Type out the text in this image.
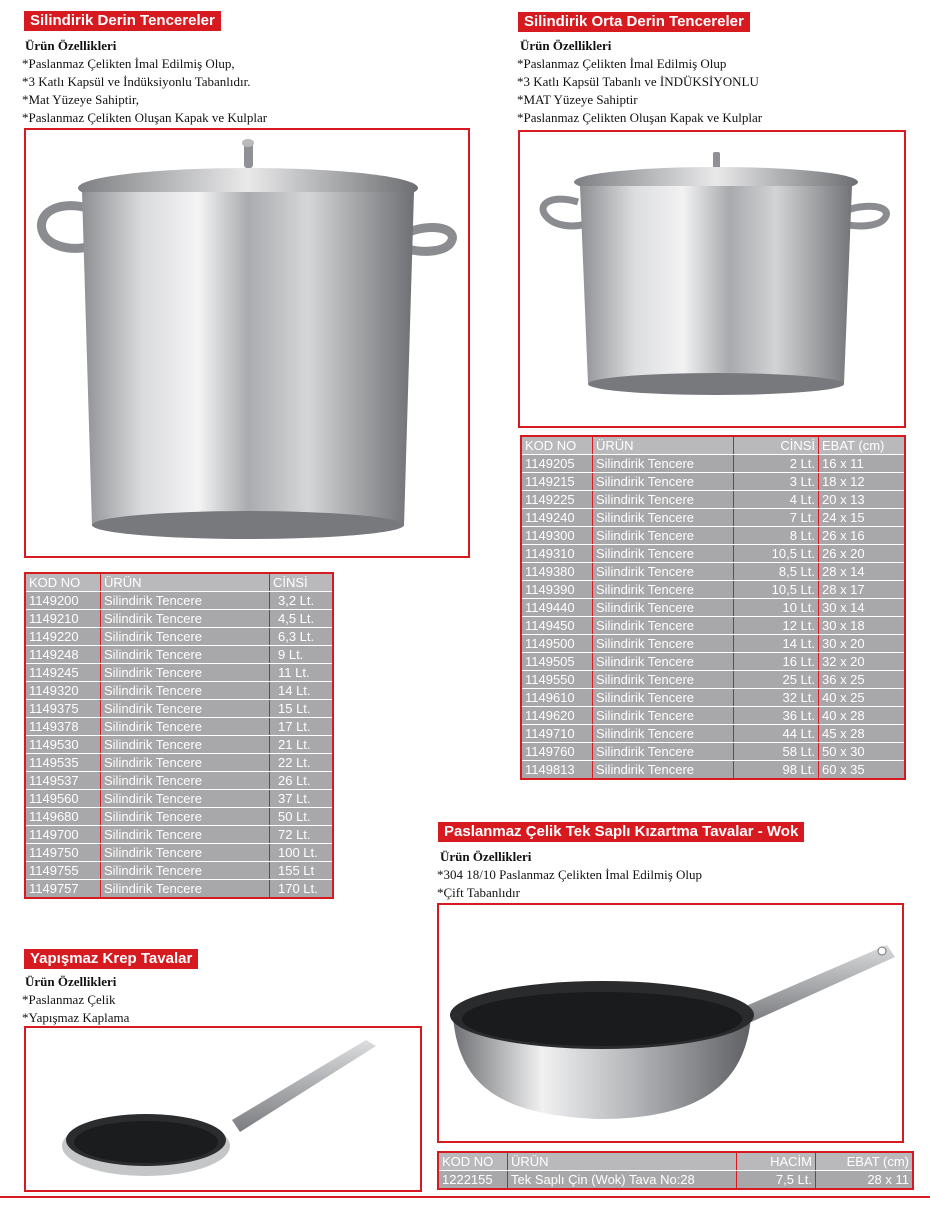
Silindirik Derin Tencereler
Ürün Özellikleri
*Paslanmaz Çelikten İmal Edilmiş Olup,
*3 Katlı Kapsül ve İndüksiyonlu Tabanlıdır.
*Mat Yüzeye Sahiptir,
*Paslanmaz Çelikten Oluşan Kapak ve Kulplar
KOD NO	ÜRÜN	CİNSİ
1149200	Silindirik Tencere	3,2 Lt.
1149210	Silindirik Tencere	4,5 Lt.
1149220	Silindirik Tencere	6,3 Lt.
1149248	Silindirik Tencere	9 Lt.
1149245	Silindirik Tencere	11 Lt.
1149320	Silindirik Tencere	14 Lt.
1149375	Silindirik Tencere	15 Lt.
1149378	Silindirik Tencere	17 Lt.
1149530	Silindirik Tencere	21 Lt.
1149535	Silindirik Tencere	22 Lt.
1149537	Silindirik Tencere	26 Lt.
1149560	Silindirik Tencere	37 Lt.
1149680	Silindirik Tencere	50 Lt.
1149700	Silindirik Tencere	72 Lt.
1149750	Silindirik Tencere	100 Lt.
1149755	Silindirik Tencere	155 Lt
1149757	Silindirik Tencere	170 Lt.
Silindirik Orta Derin Tencereler
Ürün Özellikleri
*Paslanmaz Çelikten İmal Edilmiş Olup
*3 Katlı Kapsül Tabanlı ve İNDÜKSİYONLU
*MAT Yüzeye Sahiptir
*Paslanmaz Çelikten Oluşan Kapak ve Kulplar
KOD NO	ÜRÜN	CİNSİ	EBAT (cm)
1149205	Silindirik Tencere	2 Lt.	16 x 11
1149215	Silindirik Tencere	3 Lt.	18 x 12
1149225	Silindirik Tencere	4 Lt.	20 x 13
1149240	Silindirik Tencere	7 Lt.	24 x 15
1149300	Silindirik Tencere	8 Lt.	26 x 16
1149310	Silindirik Tencere	10,5 Lt.	26 x 20
1149380	Silindirik Tencere	8,5 Lt.	28 x 14
1149390	Silindirik Tencere	10,5 Lt.	28 x 17
1149440	Silindirik Tencere	10 Lt.	30 x 14
1149450	Silindirik Tencere	12 Lt.	30 x 18
1149500	Silindirik Tencere	14 Lt.	30 x 20
1149505	Silindirik Tencere	16 Lt.	32 x 20
1149550	Silindirik Tencere	25 Lt.	36 x 25
1149610	Silindirik Tencere	32 Lt.	40 x 25
1149620	Silindirik Tencere	36 Lt.	40 x 28
1149710	Silindirik Tencere	44 Lt.	45 x 28
1149760	Silindirik Tencere	58 Lt.	50 x 30
1149813	Silindirik Tencere	98 Lt.	60 x 35
Paslanmaz Çelik Tek Saplı Kızartma Tavalar - Wok
Ürün Özellikleri
*304 18/10 Paslanmaz Çelikten İmal Edilmiş Olup
*Çift Tabanlıdır
KOD NO	ÜRÜN	HACİM	EBAT (cm)
1222155	Tek Saplı Çin (Wok) Tava No:28	7,5 Lt.	28 x 11
Yapışmaz Krep Tavalar
Ürün Özellikleri
*Paslanmaz Çelik
*Yapışmaz Kaplama
